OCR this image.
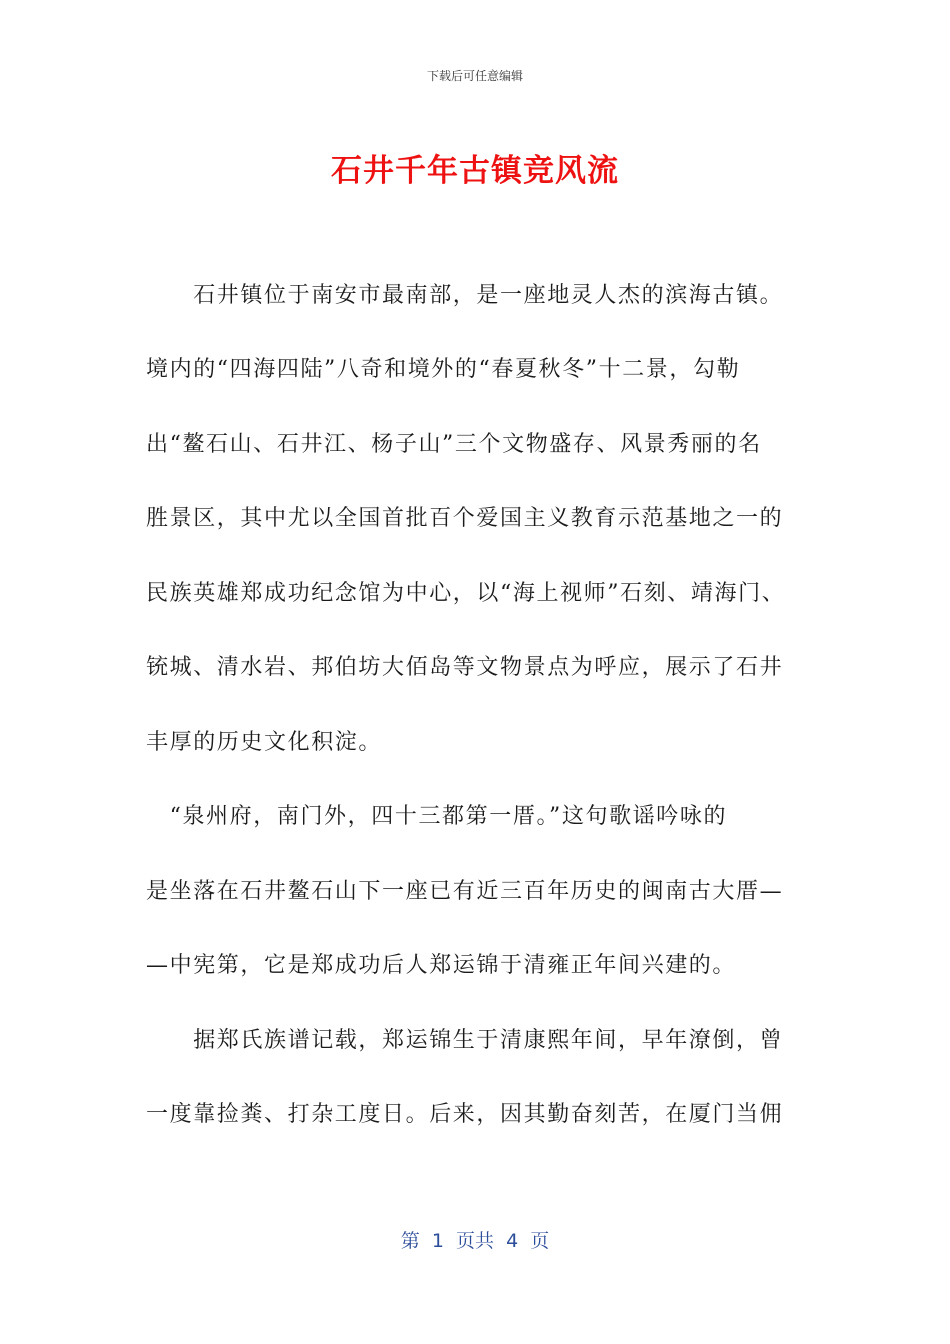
下载后可任意编辑
石井千年古镇竞风流
　　石井镇位于南安市最南部，是一座地灵人杰的滨海古镇。
境内的“四海四陆”八奇和境外的“春夏秋冬”十二景，勾勒
出“鳌石山、石井江、杨子山”三个文物盛存、风景秀丽的名
胜景区，其中尤以全国首批百个爱国主义教育示范基地之一的
民族英雄郑成功纪念馆为中心，以“海上视师”石刻、靖海门、
铳城、清水岩、邦伯坊大佰岛等文物景点为呼应，展示了石井
丰厚的历史文化积淀。
　“泉州府，南门外，四十三都第一厝。”这句歌谣吟咏的
是坐落在石井鳌石山下一座已有近三百年历史的闽南古大厝—
—中宪第，它是郑成功后人郑运锦于清雍正年间兴建的。
　　据郑氏族谱记载，郑运锦生于清康熙年间，早年潦倒，曾
一度靠捡粪、打杂工度日。后来，因其勤奋刻苦，在厦门当佣
第  1  页共  4  页
